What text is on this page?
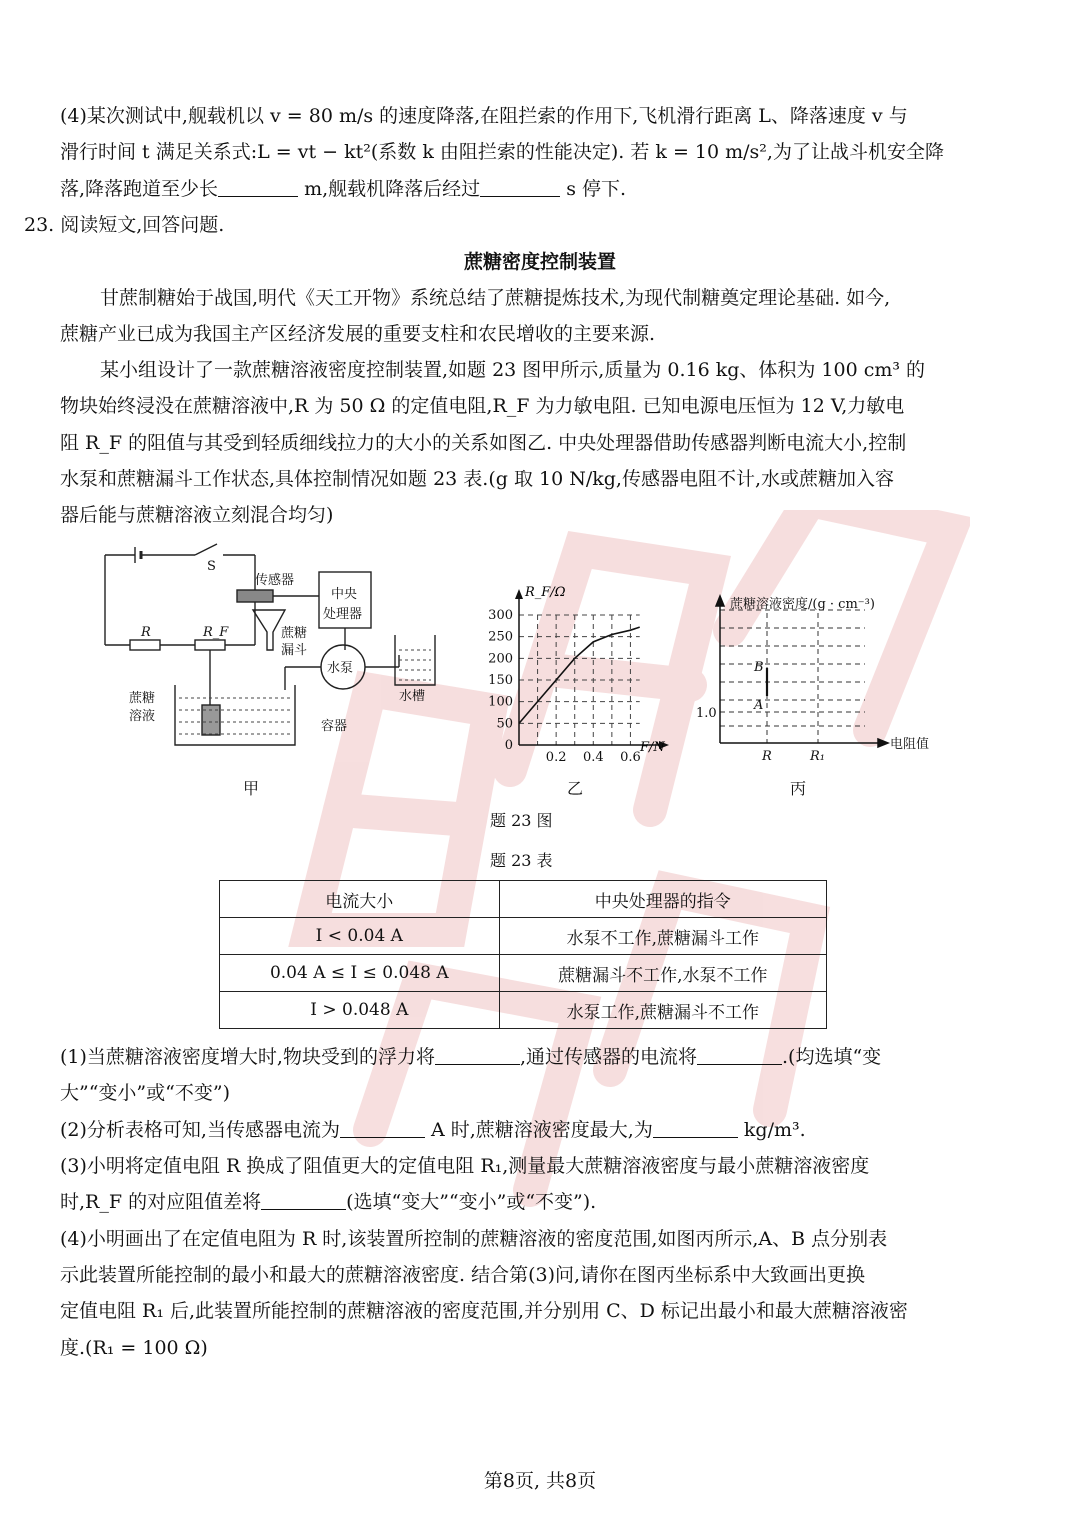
(4)某次测试中,舰载机以 v = 80 m/s 的速度降落,在阻拦索的作用下,飞机滑行距离 L、降落速度 v 与
滑行时间 t 满足关系式:L = vt − kt²(系数 k 由阻拦索的性能决定). 若 k = 10 m/s²,为了让战斗机安全降
落,降落跑道至少长	m,舰载机降落后经过	s 停下.
23. 阅读短文,回答问题.
蔗糖密度控制装置
甘蔗制糖始于战国,明代《天工开物》系统总结了蔗糖提炼技术,为现代制糖奠定理论基础. 如今,
蔗糖产业已成为我国主产区经济发展的重要支柱和农民增收的主要来源.
某小组设计了一款蔗糖溶液密度控制装置,如题 23 图甲所示,质量为 0.16 kg、体积为 100 cm³ 的
物块始终浸没在蔗糖溶液中,R 为 50 Ω 的定值电阻,R_F 为力敏电阻. 已知电源电压恒为 12 V,力敏电
阻 R_F 的阻值与其受到轻质细线拉力的大小的关系如图乙. 中央处理器借助传感器判断电流大小,控制
水泵和蔗糖漏斗工作状态,具体控制情况如题 23 表.(g 取 10 N/kg,传感器电阻不计,水或蔗糖加入容
器后能与蔗糖溶液立刻混合均匀)
S
传感器
中央
处理器
R	R_F	蔗糖
漏斗
水泵
水槽
蔗糖
溶液
容器
甲
0
50
100
150
200
250
300
0.2 0.4 0.6
R_F/Ω
F/N
乙
蔗糖溶液密度/(g · cm⁻³)
电阻值
1.0
R	R₁
B
A
丙
题 23 图
题 23 表
电流大小	中央处理器的指令
I < 0.04 A	水泵不工作,蔗糖漏斗工作
0.04 A ≤ I ≤ 0.048 A	蔗糖漏斗不工作,水泵不工作
I > 0.048 A	水泵工作,蔗糖漏斗不工作
(1)当蔗糖溶液密度增大时,物块受到的浮力将	,通过传感器的电流将	.(均选填“变
大”“变小”或“不变”)
(2)分析表格可知,当传感器电流为	A 时,蔗糖溶液密度最大,为	kg/m³.
(3)小明将定值电阻 R 换成了阻值更大的定值电阻 R₁,测量最大蔗糖溶液密度与最小蔗糖溶液密度
时,R_F 的对应阻值差将	(选填“变大”“变小”或“不变”).
(4)小明画出了在定值电阻为 R 时,该装置所控制的蔗糖溶液的密度范围,如图丙所示,A、B 点分别表
示此装置所能控制的最小和最大的蔗糖溶液密度. 结合第(3)问,请你在图丙坐标系中大致画出更换
定值电阻 R₁ 后,此装置所能控制的蔗糖溶液的密度范围,并分别用 C、D 标记出最小和最大蔗糖溶液密
度.(R₁ = 100 Ω)
第8页, 共8页
